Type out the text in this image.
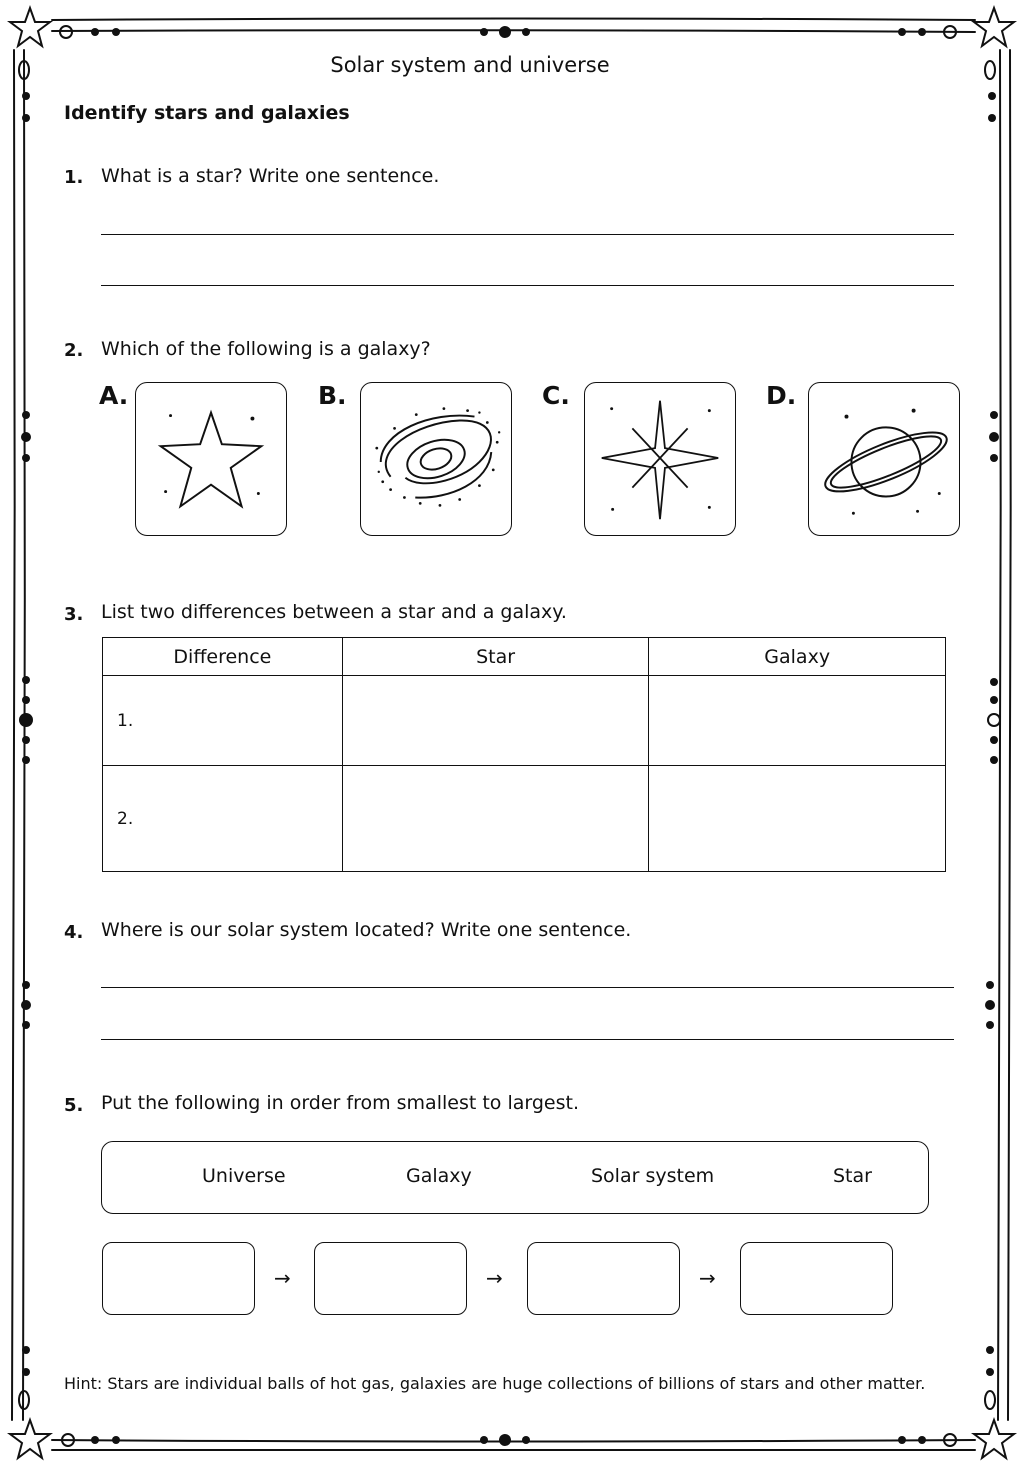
Solar system and universe
Identify stars and galaxies
1. What is a star? Write one sentence.
2. Which of the following is a galaxy?
A.	B.	C.	D.
3. List two differences between a star and a galaxy.
Difference	Star	Galaxy
1.		
2.		
4. Where is our solar system located? Write one sentence.
5. Put the following in order from smallest to largest.
Universe	Galaxy	Solar system	Star
→	→	→
Hint: Stars are individual balls of hot gas, galaxies are huge collections of billions of stars and other matter.
